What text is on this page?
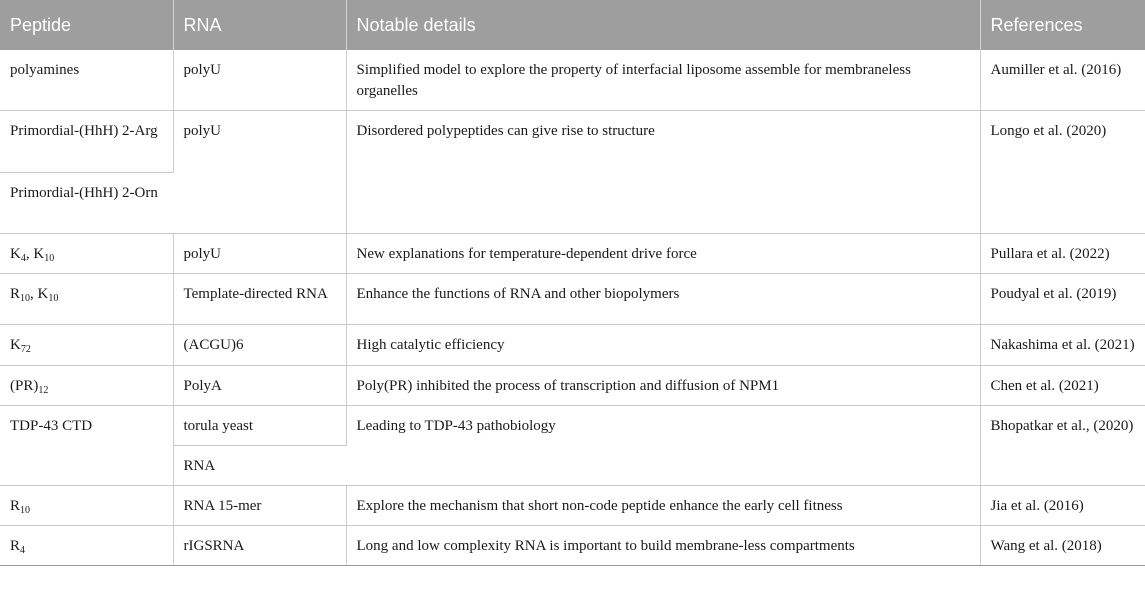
Peptide	RNA	Notable details	References
polyamines	polyU	Simplified model to explore the property of interfacial liposome assemble for membraneless organelles	Aumiller et al. (2016)
Primordial-(HhH) 2-Arg	polyU	Disordered polypeptides can give rise to structure	Longo et al. (2020)
Primordial-(HhH) 2-Orn			
$K_4$, $K_{10}$	polyU	New explanations for temperature-dependent drive force	Pullara et al. (2022)
$R_{10}$, $K_{10}$	Template-directed RNA	Enhance the functions of RNA and other biopolymers	Poudyal et al. (2019)
$K_{72}$	(ACGU)6	High catalytic efficiency	Nakashima et al. (2021)
$(PR)_{12}$	PolyA	Poly(PR) inhibited the process of transcription and diffusion of NPM1	Chen et al. (2021)
TDP-43 CTD	torula yeast	Leading to TDP-43 pathobiology	Bhopatkar et al., (2020)
	RNA		
$R_{10}$	RNA 15-mer	Explore the mechanism that short non-code peptide enhance the early cell fitness	Jia et al. (2016)
$R_4$	rIGSRNA	Long and low complexity RNA is important to build membrane-less compartments	Wang et al. (2018)
